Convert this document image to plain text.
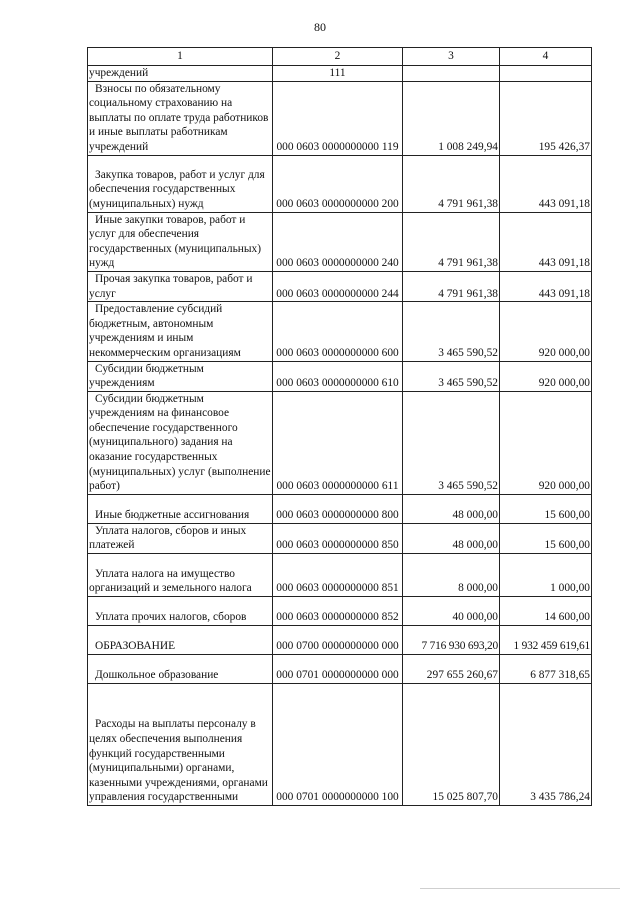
80
1	2	3	4

учреждений	111		

Взносы по обязательному социальному страхованию на выплаты по оплате труда работников и иные выплаты работникам учреждений	000 0603 0000000000 119	1 008 249,94	195 426,37

Закупка товаров, работ и услуг для обеспечения государственных (муниципальных) нужд	000 0603 0000000000 200	4 791 961,38	443 091,18

Иные закупки товаров, работ и услуг для обеспечения государственных (муниципальных) нужд	000 0603 0000000000 240	4 791 961,38	443 091,18

Прочая закупка товаров, работ и услуг	000 0603 0000000000 244	4 791 961,38	443 091,18

Предоставление субсидий бюджетным, автономным учреждениям и иным некоммерческим организациям	000 0603 0000000000 600	3 465 590,52	920 000,00

Субсидии бюджетным учреждениям	000 0603 0000000000 610	3 465 590,52	920 000,00

Субсидии бюджетным учреждениям на финансовое обеспечение государственного (муниципального) задания на оказание государственных (муниципальных) услуг (выполнение работ)	000 0603 0000000000 611	3 465 590,52	920 000,00

Иные бюджетные ассигнования	000 0603 0000000000 800	48 000,00	15 600,00

Уплата налогов, сборов и иных платежей	000 0603 0000000000 850	48 000,00	15 600,00

Уплата налога на имущество организаций и земельного налога	000 0603 0000000000 851	8 000,00	1 000,00

Уплата прочих налогов, сборов	000 0603 0000000000 852	40 000,00	14 600,00

ОБРАЗОВАНИЕ	000 0700 0000000000 000	7 716 930 693,20	1 932 459 619,61

Дошкольное образование	000 0701 0000000000 000	297 655 260,67	6 877 318,65

Расходы на выплаты персоналу в целях обеспечения выполнения функций государственными (муниципальными) органами, казенными учреждениями, органами управления государственными	000 0701 0000000000 100	15 025 807,70	3 435 786,24
